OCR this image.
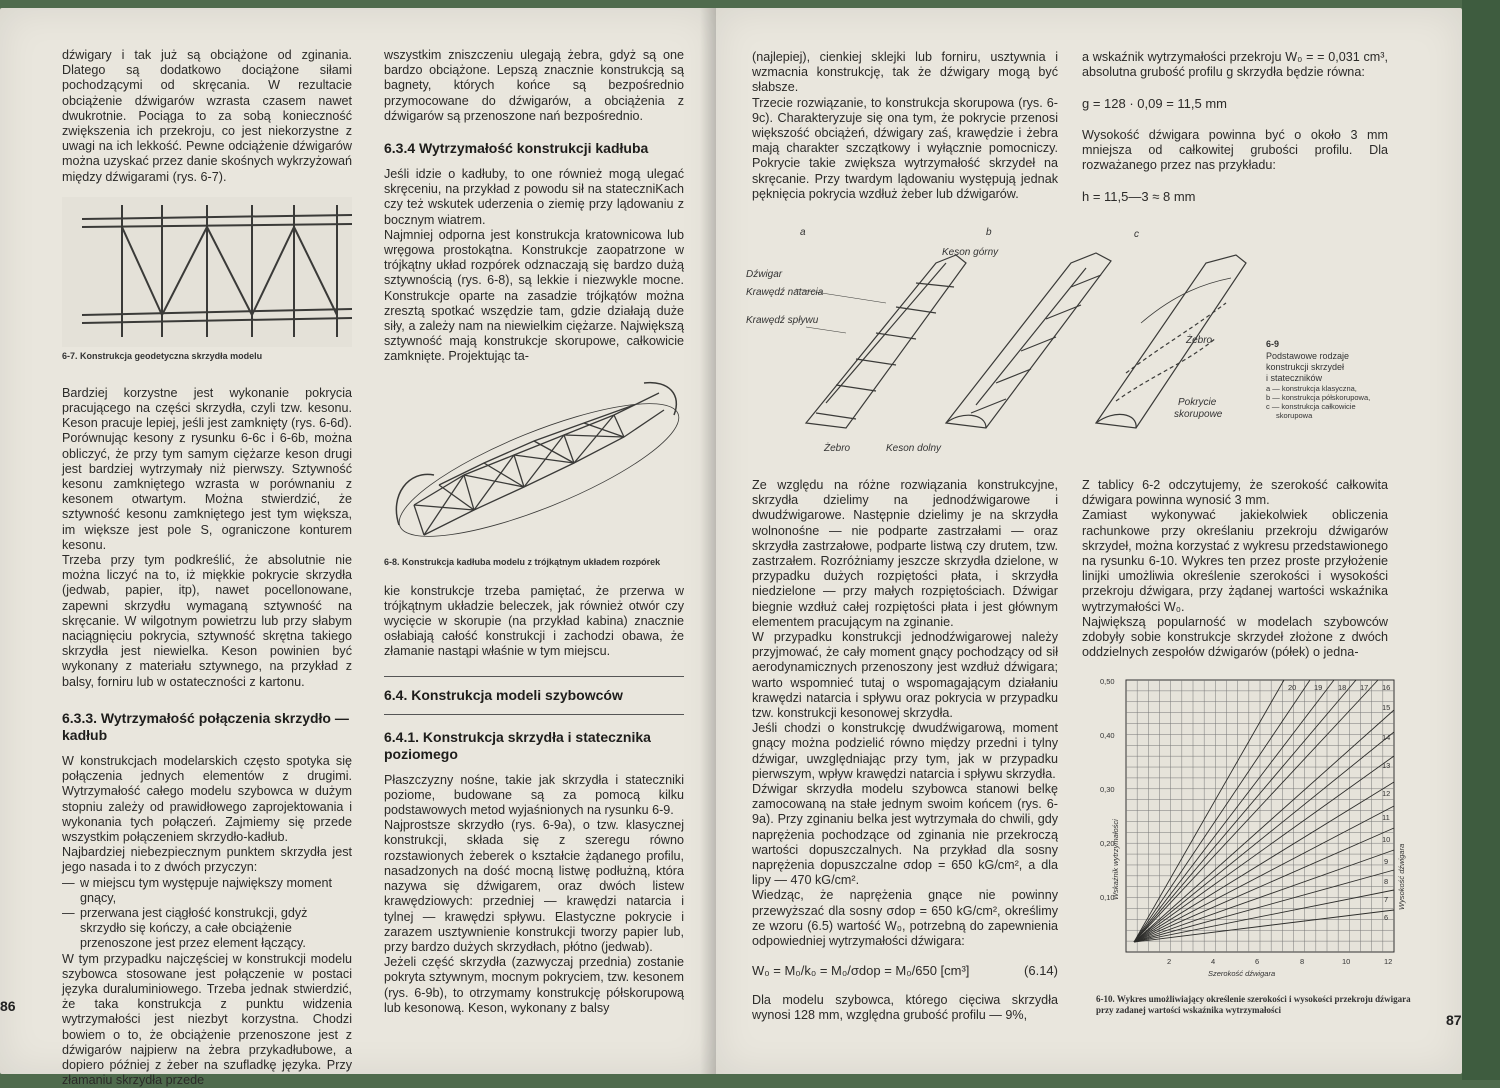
dźwigary i tak już są obciążone od zginania. Dlatego są dodatkowo dociążone siłami pochodzącymi od skręcania. W rezultacie obciążenie dźwigarów wzrasta czasem nawet dwukrotnie. Pociąga to za sobą konieczność zwiększenia ich przekroju, co jest niekorzystne z uwagi na ich lekkość. Pewne odciążenie dźwigarów można uzyskać przez danie skośnych wykrzyżowań między dźwigarami (rys. 6-7).

6-7. Konstrukcja geodetyczna skrzydła modelu

Bardziej korzystne jest wykonanie pokrycia pracującego na części skrzydła, czyli tzw. kesonu. Keson pracuje lepiej, jeśli jest zamknięty (rys. 6-6d). Porównując kesony z rysunku 6-6c i 6-6b, można obliczyć, że przy tym samym ciężarze keson drugi jest bardziej wytrzymały niż pierwszy. Sztywność kesonu zamkniętego wzrasta w porównaniu z kesonem otwartym. Można stwierdzić, że sztywność kesonu zamkniętego jest tym większa, im większe jest pole S, ograniczone konturem kesonu.

Trzeba przy tym podkreślić, że absolutnie nie można liczyć na to, iż miękkie pokrycie skrzydła (jedwab, papier, itp), nawet pocellonowane, zapewni skrzydłu wymaganą sztywność na skręcanie. W wilgotnym powietrzu lub przy słabym naciągnięciu pokrycia, sztywność skrętna takiego skrzydła jest niewielka. Keson powinien być wykonany z materiału sztywnego, na przykład z balsy, forniru lub w ostateczności z kartonu.

6.3.3. Wytrzymałość połączenia skrzydło — kadłub

W konstrukcjach modelarskich często spotyka się połączenia jednych elementów z drugimi. Wytrzymałość całego modelu szybowca w dużym stopniu zależy od prawidłowego zaprojektowania i wykonania tych połączeń. Zajmiemy się przede wszystkim połączeniem skrzydło-kadłub.

Najbardziej niebezpiecznym punktem skrzydła jest jego nasada i to z dwóch przyczyn:

— w miejscu tym występuje największy moment gnący,
— przerwana jest ciągłość konstrukcji, gdyż skrzydło się kończy, a całe obciążenie przenoszone jest przez element łączący.

W tym przypadku najczęściej w konstrukcji modelu szybowca stosowane jest połączenie w postaci języka duraluminiowego. Trzeba jednak stwierdzić, że taka konstrukcja z punktu widzenia wytrzymałości jest niezbyt korzystna. Chodzi bowiem o to, że obciążenie przenoszone jest z dźwigarów najpierw na żebra przykadłubowe, a dopiero później z żeber na szufladkę języka. Przy złamaniu skrzydła przede

wszystkim zniszczeniu ulegają żebra, gdyż są one bardzo obciążone. Lepszą znacznie konstrukcją są bagnety, których końce są bezpośrednio przymocowane do dźwigarów, a obciążenia z dźwigarów są przenoszone nań bezpośrednio.

6.3.4 Wytrzymałość konstrukcji kadłuba

Jeśli idzie o kadłuby, to one również mogą ulegać skręceniu, na przykład z powodu sił na stateczniKach czy też wskutek uderzenia o ziemię przy lądowaniu z bocznym wiatrem.

Najmniej odporna jest konstrukcja kratownicowa lub wręgowa prostokątna. Konstrukcje zaopatrzone w trójkątny układ rozpórek odznaczają się bardzo dużą sztywnością (rys. 6-8), są lekkie i niezwykle mocne. Konstrukcje oparte na zasadzie trójkątów można zresztą spotkać wszędzie tam, gdzie działają duże siły, a zależy nam na niewielkim ciężarze. Największą sztywność mają konstrukcje skorupowe, całkowicie zamknięte. Projektując ta-

6-8. Konstrukcja kadłuba modelu z trójkątnym układem rozpórek

kie konstrukcje trzeba pamiętać, że przerwa w trójkątnym układzie beleczek, jak również otwór czy wycięcie w skorupie (na przykład kabina) znacznie osłabiają całość konstrukcji i zachodzi obawa, że złamanie nastąpi właśnie w tym miejscu.

6.4. Konstrukcja modeli szybowców
6.4.1. Konstrukcja skrzydła i statecznika poziomego

Płaszczyzny nośne, takie jak skrzydła i stateczniki poziome, budowane są za pomocą kilku podstawowych metod wyjaśnionych na rysunku 6-9.

Najprostsze skrzydło (rys. 6-9a), o tzw. klasycznej konstrukcji, składa się z szeregu równo rozstawionych żeberek o kształcie żądanego profilu, nasadzonych na dość mocną listwę podłużną, która nazywa się dźwigarem, oraz dwóch listew krawędziowych: przedniej — krawędzi natarcia i tylnej — krawędzi spływu. Elastyczne pokrycie i zarazem usztywnienie konstrukcji tworzy papier lub, przy bardzo dużych skrzydłach, płótno (jedwab).

Jeżeli część skrzydła (zazwyczaj przednia) zostanie pokryta sztywnym, mocnym pokryciem, tzw. kesonem (rys. 6-9b), to otrzymamy konstrukcję półskorupową lub kesonową. Keson, wykonany z balsy

86

(najlepiej), cienkiej sklejki lub forniru, usztywnia i wzmacnia konstrukcję, tak że dźwigary mogą być słabsze.

Trzecie rozwiązanie, to konstrukcja skorupowa (rys. 6-9c). Charakteryzuje się ona tym, że pokrycie przenosi większość obciążeń, dźwigary zaś, krawędzie i żebra mają charakter szczątkowy i wyłącznie pomocniczy. Pokrycie takie zwiększa wytrzymałość skrzydeł na skręcanie. Przy twardym lądowaniu występują jednak pęknięcia pokrycia wzdłuż żeber lub dźwigarów.

a wskaźnik wytrzymałości przekroju W₀ = = 0,031 cm³, absolutna grubość profilu g skrzydła będzie równa:

g = 128 · 0,09 = 11,5 mm

Wysokość dźwigara powinna być o około 3 mm mniejsza od całkowitej grubości profilu. Dla rozważanego przez nas przykładu:

h = 11,5—3 ≈ 8 mm
a	b	c
Keson górny
Dźwigar
Krawędź natarcia
Krawędź spływu
Żebro	Keson dolny
Żebro
Pokrycie
skorupowe
6-9
Podstawowe rodzaje
konstrukcji skrzydeł
i stateczników
a — konstrukcja klasyczna,
b — konstrukcja półskorupowa,
c — konstrukcja całkowicie
skorupowa

Ze względu na różne rozwiązania konstrukcyjne, skrzydła dzielimy na jednodźwigarowe i dwudźwigarowe. Następnie dzielimy je na skrzydła wolnonośne — nie podparte zastrzałami — oraz skrzydła zastrzałowe, podparte listwą czy drutem, tzw. zastrzałem. Rozróżniamy jeszcze skrzydła dzielone, w przypadku dużych rozpiętości płata, i skrzydła niedzielone — przy małych rozpiętościach. Dźwigar biegnie wzdłuż całej rozpiętości płata i jest głównym elementem pracującym na zginanie.

W przypadku konstrukcji jednodźwigarowej należy przyjmować, że cały moment gnący pochodzący od sił aerodynamicznych przenoszony jest wzdłuż dźwigara; warto wspomnieć tutaj o wspomagającym działaniu krawędzi natarcia i spływu oraz pokrycia w przypadku tzw. konstrukcji kesonowej skrzydła.

Jeśli chodzi o konstrukcję dwudźwigarową, moment gnący można podzielić równo między przedni i tylny dźwigar, uwzględniając przy tym, jak w przypadku pierwszym, wpływ krawędzi natarcia i spływu skrzydła.

Dźwigar skrzydła modelu szybowca stanowi belkę zamocowaną na stałe jednym swoim końcem (rys. 6-9a). Przy zginaniu belka jest wytrzymała do chwili, gdy naprężenia pochodzące od zginania nie przekroczą wartości dopuszczalnych. Na przykład dla sosny naprężenia dopuszczalne σdop = 650 kG/cm², a dla lipy — 470 kG/cm².

Wiedząc, że naprężenia gnące nie powinny przewyższać dla sosny σdop = 650 kG/cm², określimy ze wzoru (6.5) wartość W₀, potrzebną do zapewnienia odpowiedniej wytrzymałości dźwigara:

W₀ = M₀/k₀ = M₀/σdop = M₀/650 [cm³]	(6.14)

Dla modelu szybowca, którego cięciwa skrzydła wynosi 128 mm, względna grubość profilu — 9%,

Z tablicy 6-2 odczytujemy, że szerokość całkowita dźwigara powinna wynosić 3 mm.

Zamiast wykonywać jakiekolwiek obliczenia rachunkowe przy określaniu przekroju dźwigarów skrzydeł, można korzystać z wykresu przedstawionego na rysunku 6-10. Wykres ten przez proste przyłożenie linijki umożliwia określenie szerokości i wysokości przekroju dźwigara, przy żądanej wartości wskaźnika wytrzymałości W₀.

Największą popularność w modelach szybowców zdobyły sobie konstrukcje skrzydeł złożone z dwóch oddzielnych zespołów dźwigarów (półek) o jedna-

0,50
0,40
0,30
0,20
0,10
2	4	6	8	10	12
Szerokość dźwigara
Wskaźnik wytrzymałości	Wysokość dźwigara
20 19 18 17 16
15
14
13
12
11
10
9
8
7
6
6-10. Wykres umożliwiający określenie szerokości i wysokości przekroju dźwigara przy zadanej wartości wskaźnika wytrzymałości
87
